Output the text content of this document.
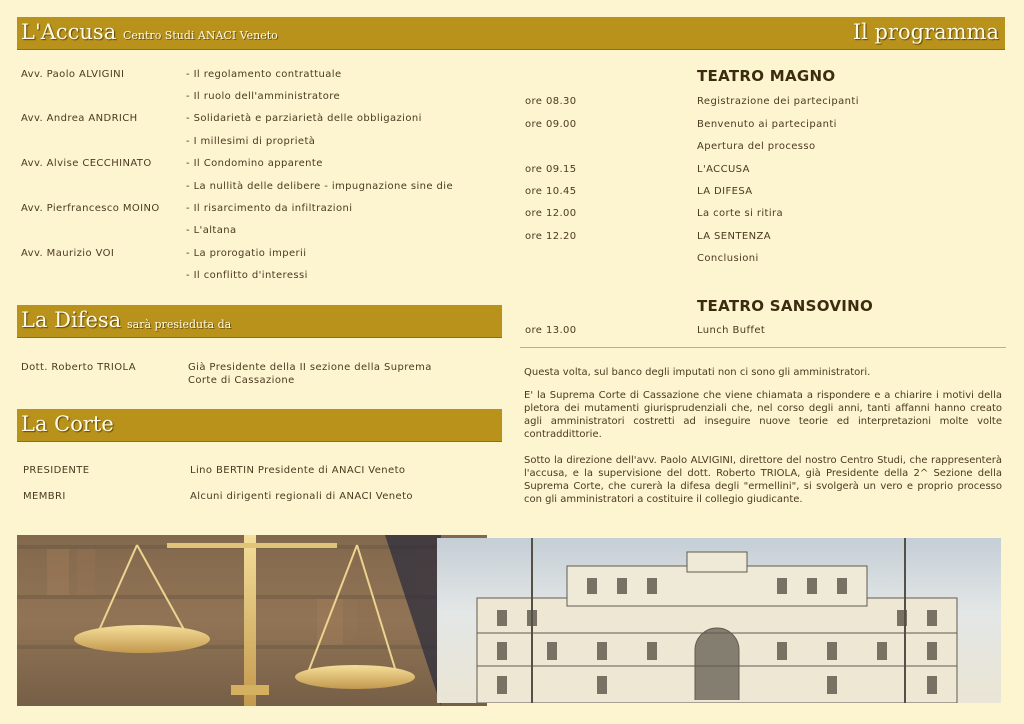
L'Accusa Centro Studi ANACI Veneto	Il programma
Avv. Paolo ALVIGINI	- Il regolamento contrattuale
- Il ruolo dell'amministratore
Avv. Andrea ANDRICH	- Solidarietà e parziarietà delle obbligazioni
- I millesimi di proprietà
Avv. Alvise CECCHINATO	- Il Condomino apparente
- La nullità delle delibere - impugnazione sine die
Avv. Pierfrancesco MOINO	- Il risarcimento da infiltrazioni
- L'altana
Avv. Maurizio VOI	- La prorogatio imperii
- Il conflitto d'interessi
La Difesa sarà presieduta da
Dott. Roberto TRIOLA	Già Presidente della II sezione della Suprema
Corte di Cassazione
La Corte
PRESIDENTE	Lino BERTIN Presidente di ANACI Veneto
MEMBRI	Alcuni dirigenti regionali di ANACI Veneto
TEATRO MAGNO
ore 08.30	Registrazione dei partecipanti
ore 09.00	Benvenuto ai partecipanti
Apertura del processo
ore 09.15	L'ACCUSA
ore 10.45	LA DIFESA
ore 12.00	La corte si ritira
ore 12.20	LA SENTENZA
Conclusioni
TEATRO SANSOVINO
ore 13.00	Lunch Buffet
Questa volta, sul banco degli imputati non ci sono gli amministratori.
E' la Suprema Corte di Cassazione che viene chiamata a rispondere e a chiarire i motivi della pletora dei mutamenti giurisprudenziali che, nel corso degli anni, tanti affanni hanno creato agli amministratori costretti ad inseguire nuove teorie ed interpretazioni molte volte contraddittorie.
Sotto la direzione dell'avv. Paolo ALVIGINI, direttore del nostro Centro Studi, che rappresenterà l'accusa, e la supervisione del dott. Roberto TRIOLA, già Presidente della 2^ Sezione della Suprema Corte, che curerà la difesa degli "ermellini", si svolgerà un vero e proprio processo con gli amministratori a costituire il collegio giudicante.
